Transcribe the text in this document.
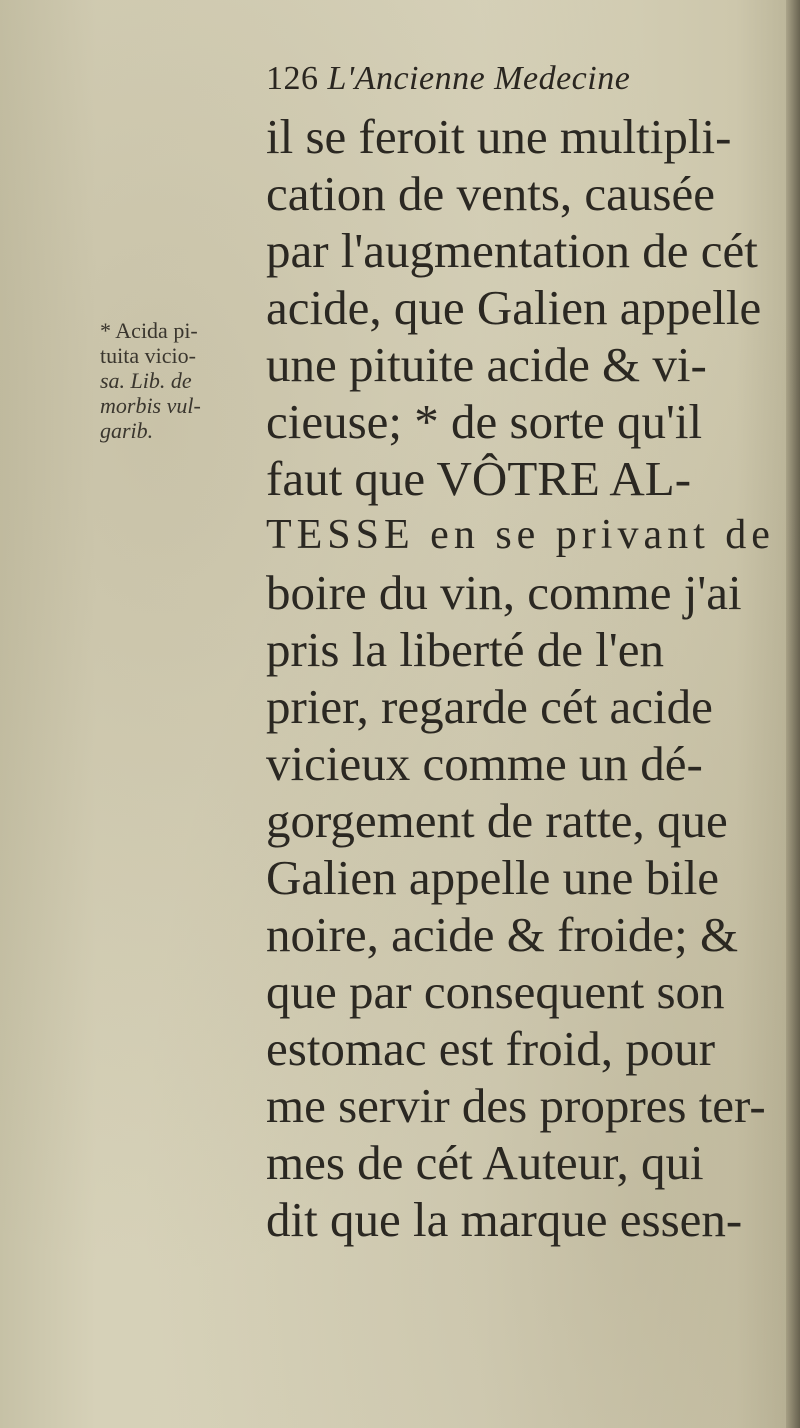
126 L'Ancienne Medecine
* Acida pi-
tuita vicio-
sa. Lib. de
morbis vul-
garib.
il se feroit une multipli-
cation de vents, causée
par l'augmentation de cét
acide, que Galien appelle
une pituite acide & vi-
cieuse; * de sorte qu'il
faut que VÔTRE AL-
TESSE en se privant de
boire du vin, comme j'ai
pris la liberté de l'en
prier, regarde cét acide
vicieux comme un dé-
gorgement de ratte, que
Galien appelle une bile
noire, acide & froide; &
que par consequent son
estomac est froid, pour
me servir des propres ter-
mes de cét Auteur, qui
dit que la marque essen-
